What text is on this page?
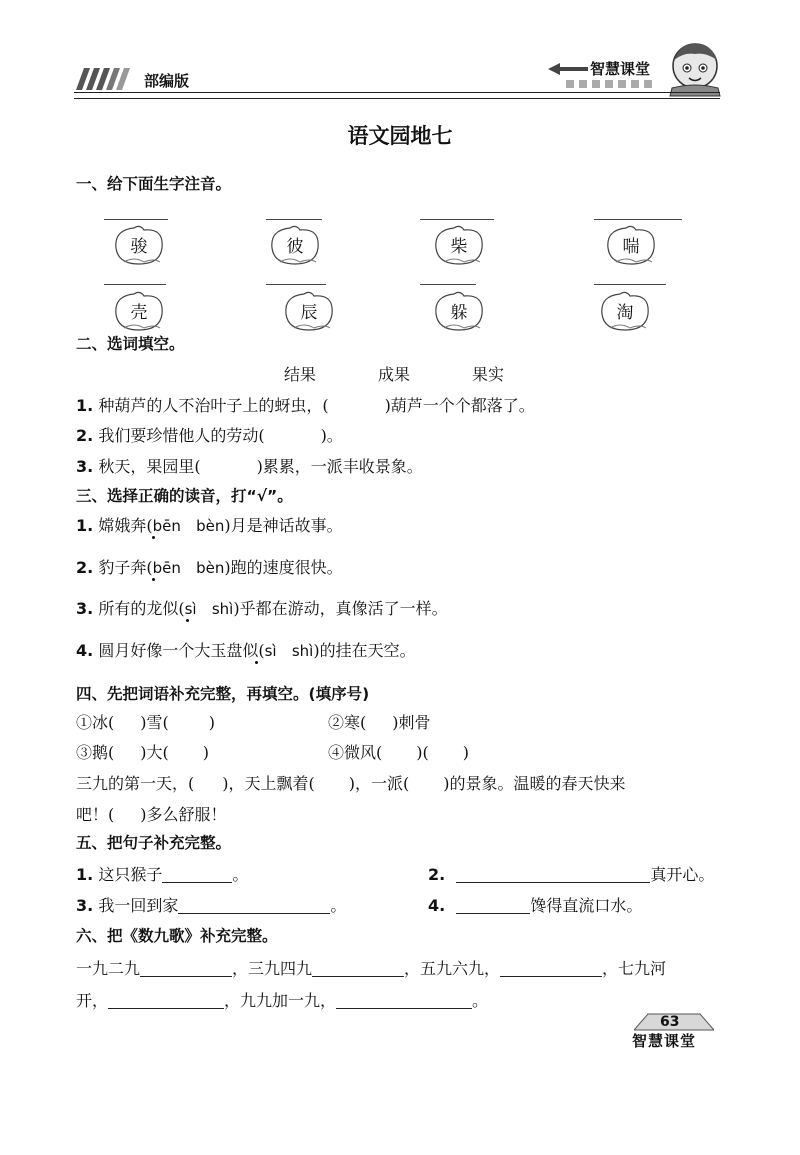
部编版
智慧课堂
语文园地七
一、给下面生字注音。
骏	彼	柴	喘
壳	辰	躲	淘
二、选词填空。
结果	成果	果实
1. 种葫芦的人不治叶子上的蚜虫，(	)葫芦一个个都落了。
2. 我们要珍惜他人的劳动(	)。
3. 秋天，果园里(	)累累，一派丰收景象。
三、选择正确的读音，打“√”。
1. 嫦娥奔(bēn bèn)月是神话故事。
2. 豹子奔(bēn bèn)跑的速度很快。
3. 所有的龙似(sì shì)乎都在游动，真像活了一样。
4. 圆月好像一个大玉盘似(sì shì)的挂在天空。
四、先把词语补充完整，再填空。(填序号)
①冰( )雪(	)	②寒( )刺骨
③鹅( )大( )	④微风( )( )
三九的第一天，( )，天上飘着( )，一派( )的景象。温暖的春天快来
吧！( )多么舒服！
五、把句子补充完整。
1. 这只猴子	。	2.	真开心。
3. 我一回到家	。	4.	馋得直流口水。
六、把《数九歌》补充完整。
一九二九	，三九四九	，五九六九，	，七九河
开，	，九九加一九，	。
63
智慧课堂
